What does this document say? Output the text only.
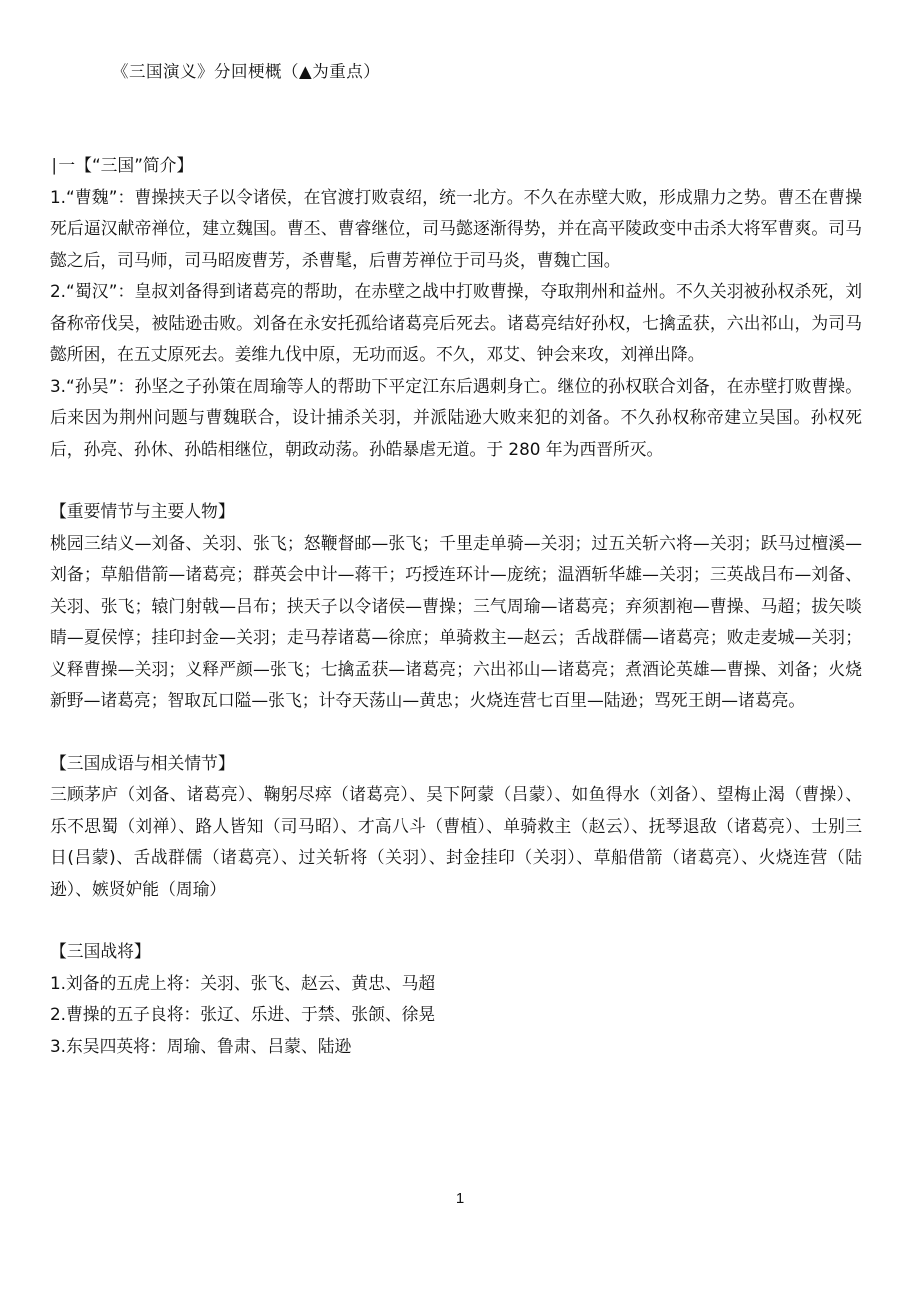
《三国演义》分回梗概（▲为重点）

∣一【“三国”简介】

1.“曹魏”：曹操挟天子以令诸侯，在官渡打败袁绍，统一北方。不久在赤壁大败，形成鼎力之势。曹丕在曹操死后逼汉献帝禅位，建立魏国。曹丕、曹睿继位，司马懿逐渐得势，并在高平陵政变中击杀大将军曹爽。司马懿之后，司马师，司马昭废曹芳，杀曹髦，后曹芳禅位于司马炎，曹魏亡国。

2.“蜀汉”：皇叔刘备得到诸葛亮的帮助，在赤壁之战中打败曹操，夺取荆州和益州。不久关羽被孙权杀死，刘备称帝伐吴，被陆逊击败。刘备在永安托孤给诸葛亮后死去。诸葛亮结好孙权，七擒孟获，六出祁山，为司马懿所困，在五丈原死去。姜维九伐中原，无功而返。不久，邓艾、钟会来攻，刘禅出降。

3.“孙吴”：孙坚之子孙策在周瑜等人的帮助下平定江东后遇刺身亡。继位的孙权联合刘备，在赤壁打败曹操。后来因为荆州问题与曹魏联合，设计捕杀关羽，并派陆逊大败来犯的刘备。不久孙权称帝建立吴国。孙权死后，孙亮、孙休、孙皓相继位，朝政动荡。孙皓暴虐无道。于 280 年为西晋所灭。

【重要情节与主要人物】

桃园三结义—刘备、关羽、张飞；怒鞭督邮—张飞；千里走单骑—关羽；过五关斩六将—关羽；跃马过檀溪—刘备；草船借箭—诸葛亮；群英会中计—蒋干；巧授连环计—庞统；温酒斩华雄—关羽；三英战吕布—刘备、关羽、张飞；辕门射戟—吕布；挟天子以令诸侯—曹操；三气周瑜—诸葛亮；弃须割袍—曹操、马超；拔矢啖睛—夏侯惇；挂印封金—关羽；走马荐诸葛—徐庶；单骑救主—赵云；舌战群儒—诸葛亮；败走麦城—关羽；义释曹操—关羽；义释严颜—张飞；七擒孟获—诸葛亮；六出祁山—诸葛亮；煮酒论英雄—曹操、刘备；火烧新野—诸葛亮；智取瓦口隘—张飞；计夺天荡山—黄忠；火烧连营七百里—陆逊；骂死王朗—诸葛亮。

【三国成语与相关情节】

三顾茅庐（刘备、诸葛亮）、鞠躬尽瘁（诸葛亮）、吴下阿蒙（吕蒙）、如鱼得水（刘备）、望梅止渴（曹操）、乐不思蜀（刘禅）、路人皆知（司马昭）、才高八斗（曹植）、单骑救主（赵云）、抚琴退敌（诸葛亮）、士别三日(吕蒙)、舌战群儒（诸葛亮）、过关斩将（关羽）、封金挂印（关羽）、草船借箭（诸葛亮）、火烧连营（陆逊）、嫉贤妒能（周瑜）

【三国战将】

1.刘备的五虎上将：关羽、张飞、赵云、黄忠、马超

2.曹操的五子良将：张辽、乐进、于禁、张颌、徐晃

3.东吴四英将：周瑜、鲁肃、吕蒙、陆逊

1
